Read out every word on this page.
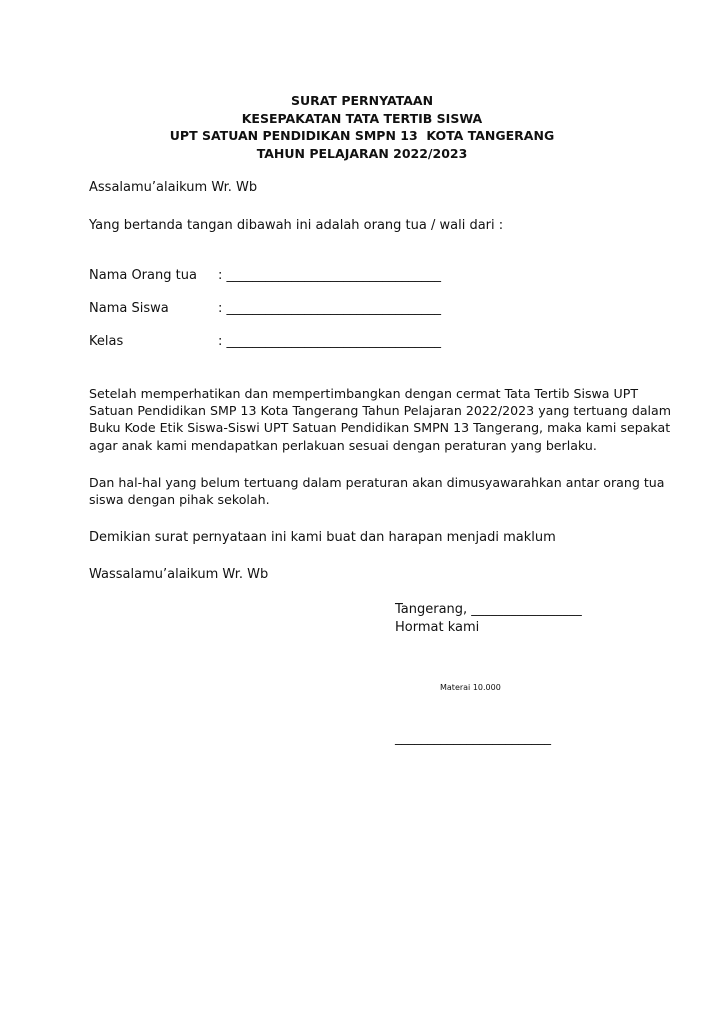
SURAT PERNYATAAN
KESEPAKATAN TATA TERTIB SISWA
UPT SATUAN PENDIDIKAN SMPN 13  KOTA TANGERANG
TAHUN PELAJARAN 2022/2023
Assalamu’alaikum Wr. Wb
Yang bertanda tangan dibawah ini adalah orang tua / wali dari :
Nama Orang tua : _________________________________
Nama Siswa	: _________________________________
Kelas	: _________________________________
Setelah memperhatikan dan mempertimbangkan dengan cermat Tata Tertib Siswa UPT
Satuan Pendidikan SMP 13 Kota Tangerang Tahun Pelajaran 2022/2023 yang tertuang dalam
Buku Kode Etik Siswa-Siswi UPT Satuan Pendidikan SMPN 13 Tangerang, maka kami sepakat
agar anak kami mendapatkan perlakuan sesuai dengan peraturan yang berlaku.
Dan hal-hal yang belum tertuang dalam peraturan akan dimusyawarahkan antar orang tua
siswa dengan pihak sekolah.
Demikian surat pernyataan ini kami buat dan harapan menjadi maklum
Wassalamu’alaikum Wr. Wb
Tangerang, _________________
Hormat kami
Materai 10.000
________________________
